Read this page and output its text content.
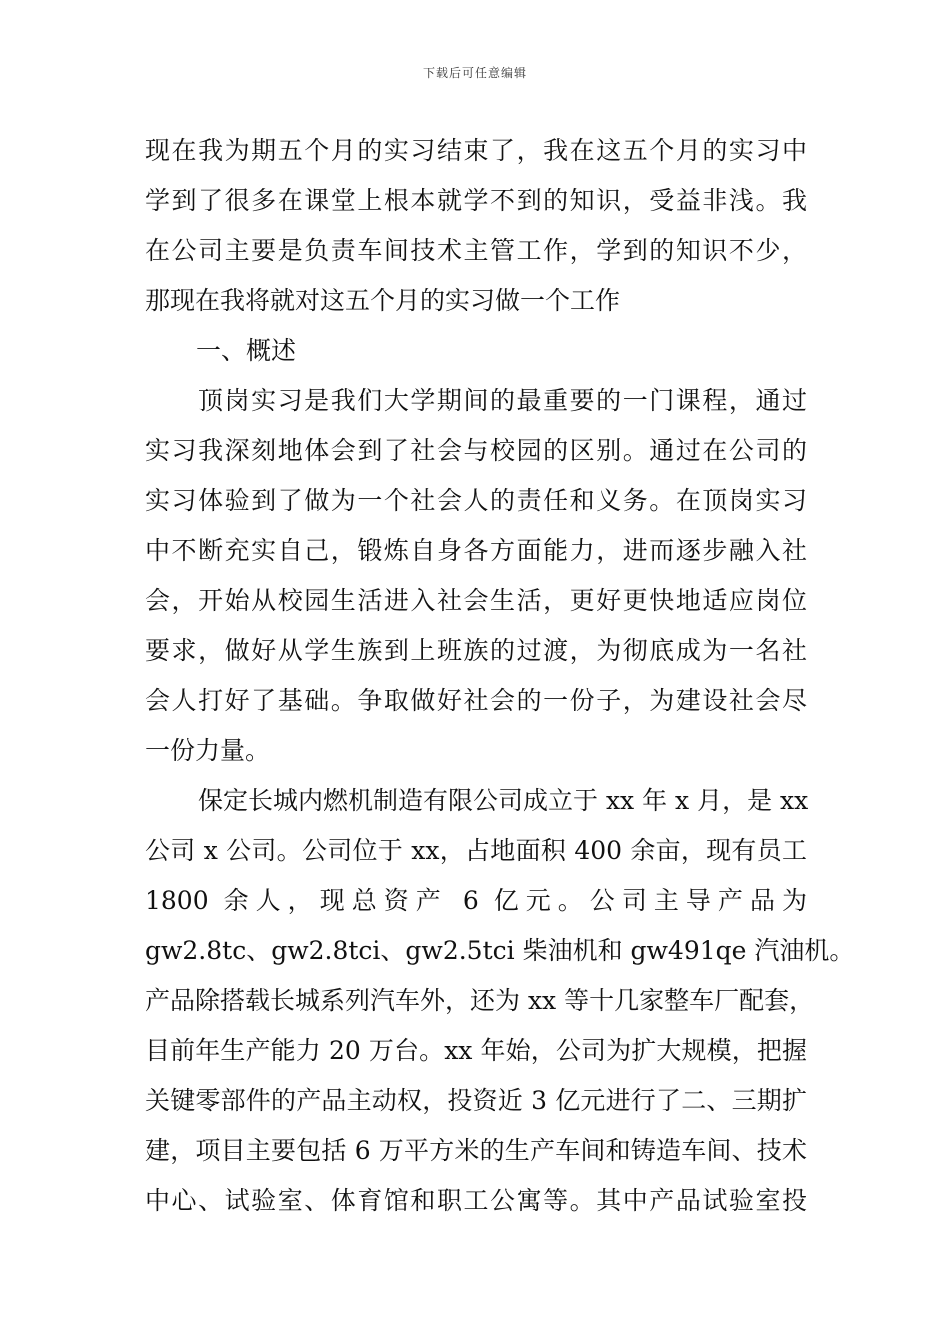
下载后可任意编辑
现在我为期五个月的实习结束了，我在这五个月的实习中
学到了很多在课堂上根本就学不到的知识，受益非浅。我
在公司主要是负责车间技术主管工作，学到的知识不少，
那现在我将就对这五个月的实习做一个工作
一、概述
顶岗实习是我们大学期间的最重要的一门课程，通过
实习我深刻地体会到了社会与校园的区别。通过在公司的
实习体验到了做为一个社会人的责任和义务。在顶岗实习
中不断充实自己，锻炼自身各方面能力，进而逐步融入社
会，开始从校园生活进入社会生活，更好更快地适应岗位
要求，做好从学生族到上班族的过渡，为彻底成为一名社
会人打好了基础。争取做好社会的一份子，为建设社会尽
一份力量。
保定长城内燃机制造有限公司成立于 xx 年 x 月，是 xx
公司 x 公司。公司位于 xx，占地面积 400 余亩，现有员工
1800 余人，现总资产 6 亿元。公司主导产品为
gw2.8tc、gw2.8tci、gw2.5tci 柴油机和 gw491qe 汽油机。
产品除搭载长城系列汽车外，还为 xx 等十几家整车厂配套，
目前年生产能力 20 万台。xx 年始，公司为扩大规模，把握
关键零部件的产品主动权，投资近 3 亿元进行了二、三期扩
建，项目主要包括 6 万平方米的生产车间和铸造车间、技术
中心、试验室、体育馆和职工公寓等。其中产品试验室投
